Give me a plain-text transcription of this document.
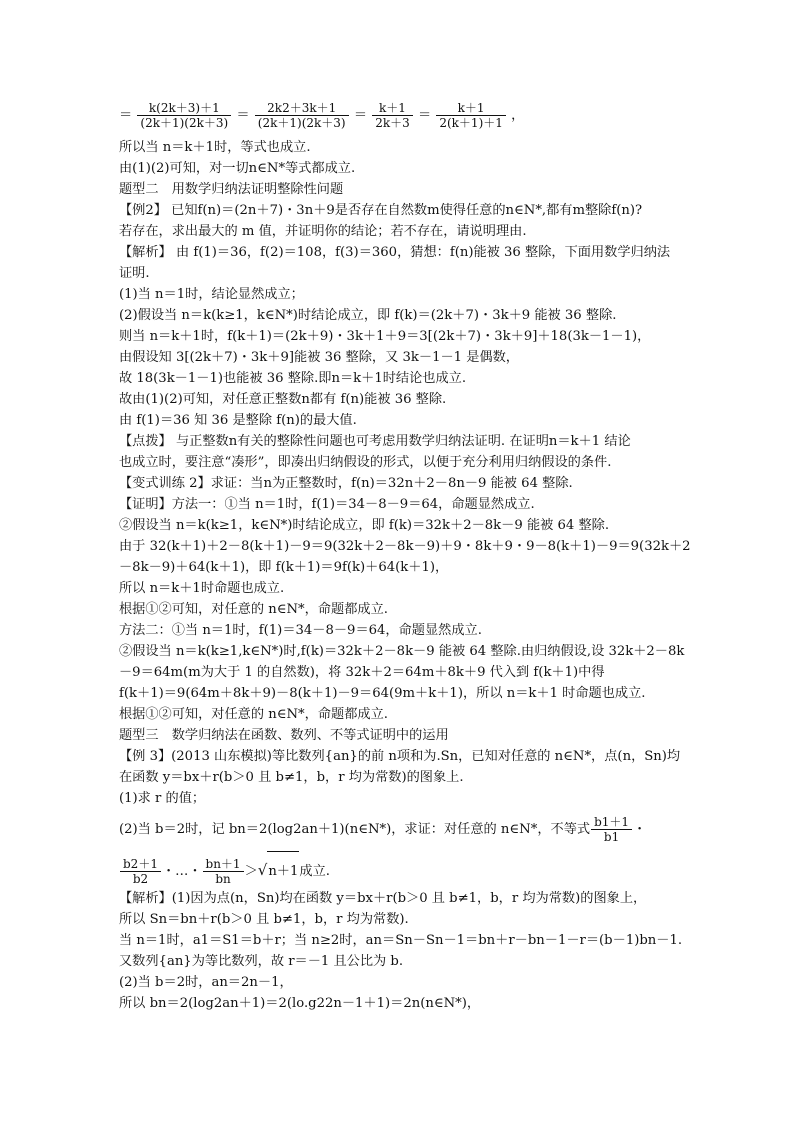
＝ $\frac{k(2k+3)+1}{(2k+1)(2k+3)} = \frac{2k2+3k+1}{(2k+1)(2k+3)} = \frac{k+1}{2k+3} = \frac{k+1}{2(k+1)+1}$ ，
所以当 n＝k＋1时，等式也成立.
由(1)(2)可知，对一切n∈N*等式都成立.
题型二　用数学归纳法证明整除性问题
【例2】 已知f(n)＝(2n＋7)・3n＋9是否存在自然数m使得任意的n∈N*,都有m整除f(n)?
若存在，求出最大的 m 值，并证明你的结论；若不存在，请说明理由.
【解析】 由 f(1)＝36，f(2)＝108，f(3)＝360，猜想：f(n)能被 36 整除，下面用数学归纳法
证明.
(1)当 n＝1时，结论显然成立；
(2)假设当 n＝k(k≥1，k∈N*)时结论成立，即 f(k)＝(2k＋7)・3k＋9 能被 36 整除.
则当 n＝k＋1时，f(k＋1)＝(2k＋9)・3k＋1＋9＝3[(2k＋7)・3k＋9]＋18(3k－1－1)，
由假设知 3[(2k＋7)・3k＋9]能被 36 整除，又 3k－1－1 是偶数，
故 18(3k－1－1)也能被 36 整除.即n＝k＋1时结论也成立.
故由(1)(2)可知，对任意正整数n都有 f(n)能被 36 整除.
由 f(1)＝36 知 36 是整除 f(n)的最大值.
【点拨】 与正整数n有关的整除性问题也可考虑用数学归纳法证明. 在证明n＝k＋1 结论
也成立时，要注意“凑形”，即凑出归纳假设的形式，以便于充分利用归纳假设的条件.
【变式训练 2】求证：当n为正整数时，f(n)＝32n＋2－8n－9 能被 64 整除.
【证明】方法一：①当 n＝1时，f(1)＝34－8－9＝64，命题显然成立.
②假设当 n＝k(k≥1，k∈N*)时结论成立，即 f(k)＝32k＋2－8k－9 能被 64 整除.
由于 32(k＋1)＋2－8(k＋1)－9＝9(32k＋2－8k－9)＋9・8k＋9・9－8(k＋1)－9＝9(32k＋2
－8k－9)＋64(k＋1)，即 f(k＋1)＝9f(k)＋64(k＋1)，
所以 n＝k＋1时命题也成立.
根据①②可知，对任意的 n∈N*，命题都成立.
方法二：①当 n＝1时，f(1)＝34－8－9＝64，命题显然成立.
②假设当 n＝k(k≥1,k∈N*)时,f(k)＝32k＋2－8k－9 能被 64 整除.由归纳假设,设 32k＋2－8k
－9＝64m(m为大于 1 的自然数)，将 32k＋2＝64m＋8k＋9 代入到 f(k＋1)中得
f(k＋1)＝9(64m＋8k＋9)－8(k＋1)－9＝64(9m＋k＋1)，所以 n＝k＋1 时命题也成立.
根据①②可知，对任意的 n∈N*，命题都成立.
题型三　数学归纳法在函数、数列、不等式证明中的运用
【例 3】(2013 山东模拟)等比数列{an}的前 n项和为.Sn，已知对任意的 n∈N*，点(n，Sn)均
在函数 y＝bx＋r(b＞0 且 b≠1，b，r 均为常数)的图象上.
(1)求 r 的值；
(2)当 b＝2时，记 bn＝2(log2an＋1)(n∈N*)，求证：对任意的 n∈N*，不等式 $\frac{b1+1}{b1}$ ・
$\frac{b2+1}{b2}$ ・…・ $\frac{bn+1}{bn} >√n+1$成立.
【解析】(1)因为点(n，Sn)均在函数 y＝bx＋r(b＞0 且 b≠1，b，r 均为常数)的图象上，
所以 Sn＝bn＋r(b＞0 且 b≠1，b，r 均为常数).
当 n＝1时，a1＝S1＝b＋r；当 n≥2时，an＝Sn－Sn－1＝bn＋r－bn－1－r＝(b－1)bn－1.
又数列{an}为等比数列，故 r＝－1 且公比为 b.
(2)当 b＝2时，an＝2n－1，
所以 bn＝2(log2an＋1)＝2(lo.g22n－1＋1)＝2n(n∈N*)，
